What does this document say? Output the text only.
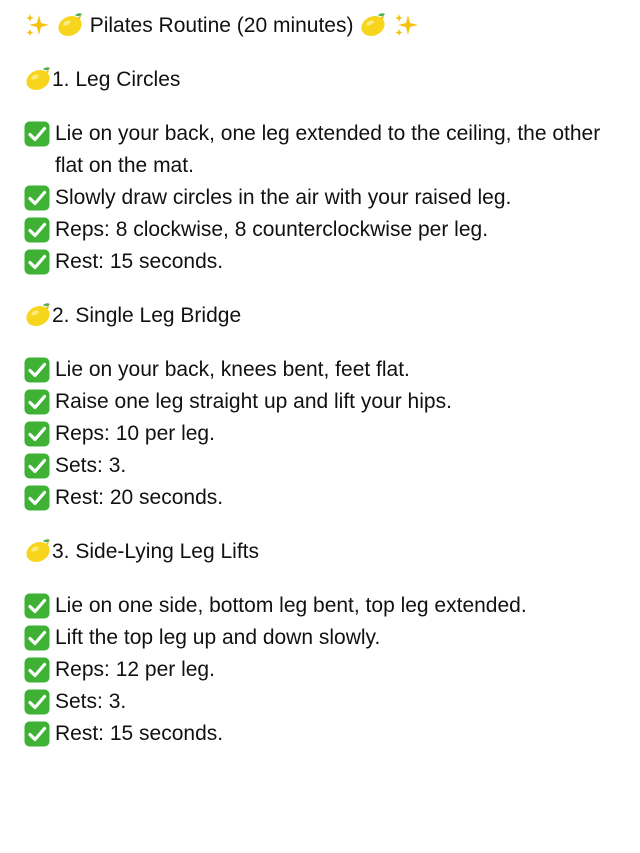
Pilates Routine (20 minutes)
1. Leg Circles
Lie on your back, one leg extended to the ceiling, the other flat on the mat.
Slowly draw circles in the air with your raised leg.
Reps: 8 clockwise, 8 counterclockwise per leg.
Rest: 15 seconds.
2. Single Leg Bridge
Lie on your back, knees bent, feet flat.
Raise one leg straight up and lift your hips.
Reps: 10 per leg.
Sets: 3.
Rest: 20 seconds.
3. Side-Lying Leg Lifts
Lie on one side, bottom leg bent, top leg extended.
Lift the top leg up and down slowly.
Reps: 12 per leg.
Sets: 3.
Rest: 15 seconds.
